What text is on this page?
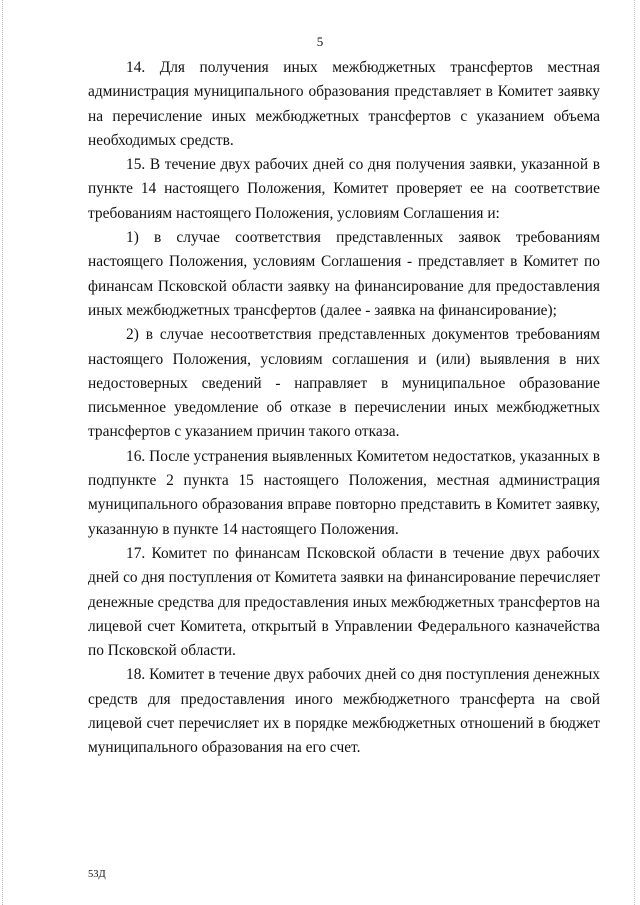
5

14. Для получения иных межбюджетных трансфертов местная администрация муниципального образования представляет в Комитет заявку на перечисление иных межбюджетных трансфертов с указанием объема необходимых средств.

15. В течение двух рабочих дней со дня получения заявки, указанной в пункте 14 настоящего Положения, Комитет проверяет ее на соответствие требованиям настоящего Положения, условиям Соглашения и:

1) в случае соответствия представленных заявок требованиям настоящего Положения, условиям Соглашения - представляет в Комитет по финансам Псковской области заявку на финансирование для предоставления иных межбюджетных трансфертов (далее - заявка на финансирование);

2) в случае несоответствия представленных документов требованиям настоящего Положения, условиям соглашения и (или) выявления в них недостоверных сведений - направляет в муниципальное образование письменное уведомление об отказе в перечислении иных межбюджетных трансфертов с указанием причин такого отказа.

16. После устранения выявленных Комитетом недостатков, указанных в подпункте 2 пункта 15 настоящего Положения, местная администрация муниципального образования вправе повторно представить в Комитет заявку, указанную в пункте 14 настоящего Положения.

17. Комитет по финансам Псковской области в течение двух рабочих дней со дня поступления от Комитета заявки на финансирование перечисляет денежные средства для предоставления иных межбюджетных трансфертов на лицевой счет Комитета, открытый в Управлении Федерального казначейства по Псковской области.

18. Комитет в течение двух рабочих дней со дня поступления денежных средств для предоставления иного межбюджетного трансферта на свой лицевой счет перечисляет их в порядке межбюджетных отношений в бюджет муниципального образования на его счет.

53Д
